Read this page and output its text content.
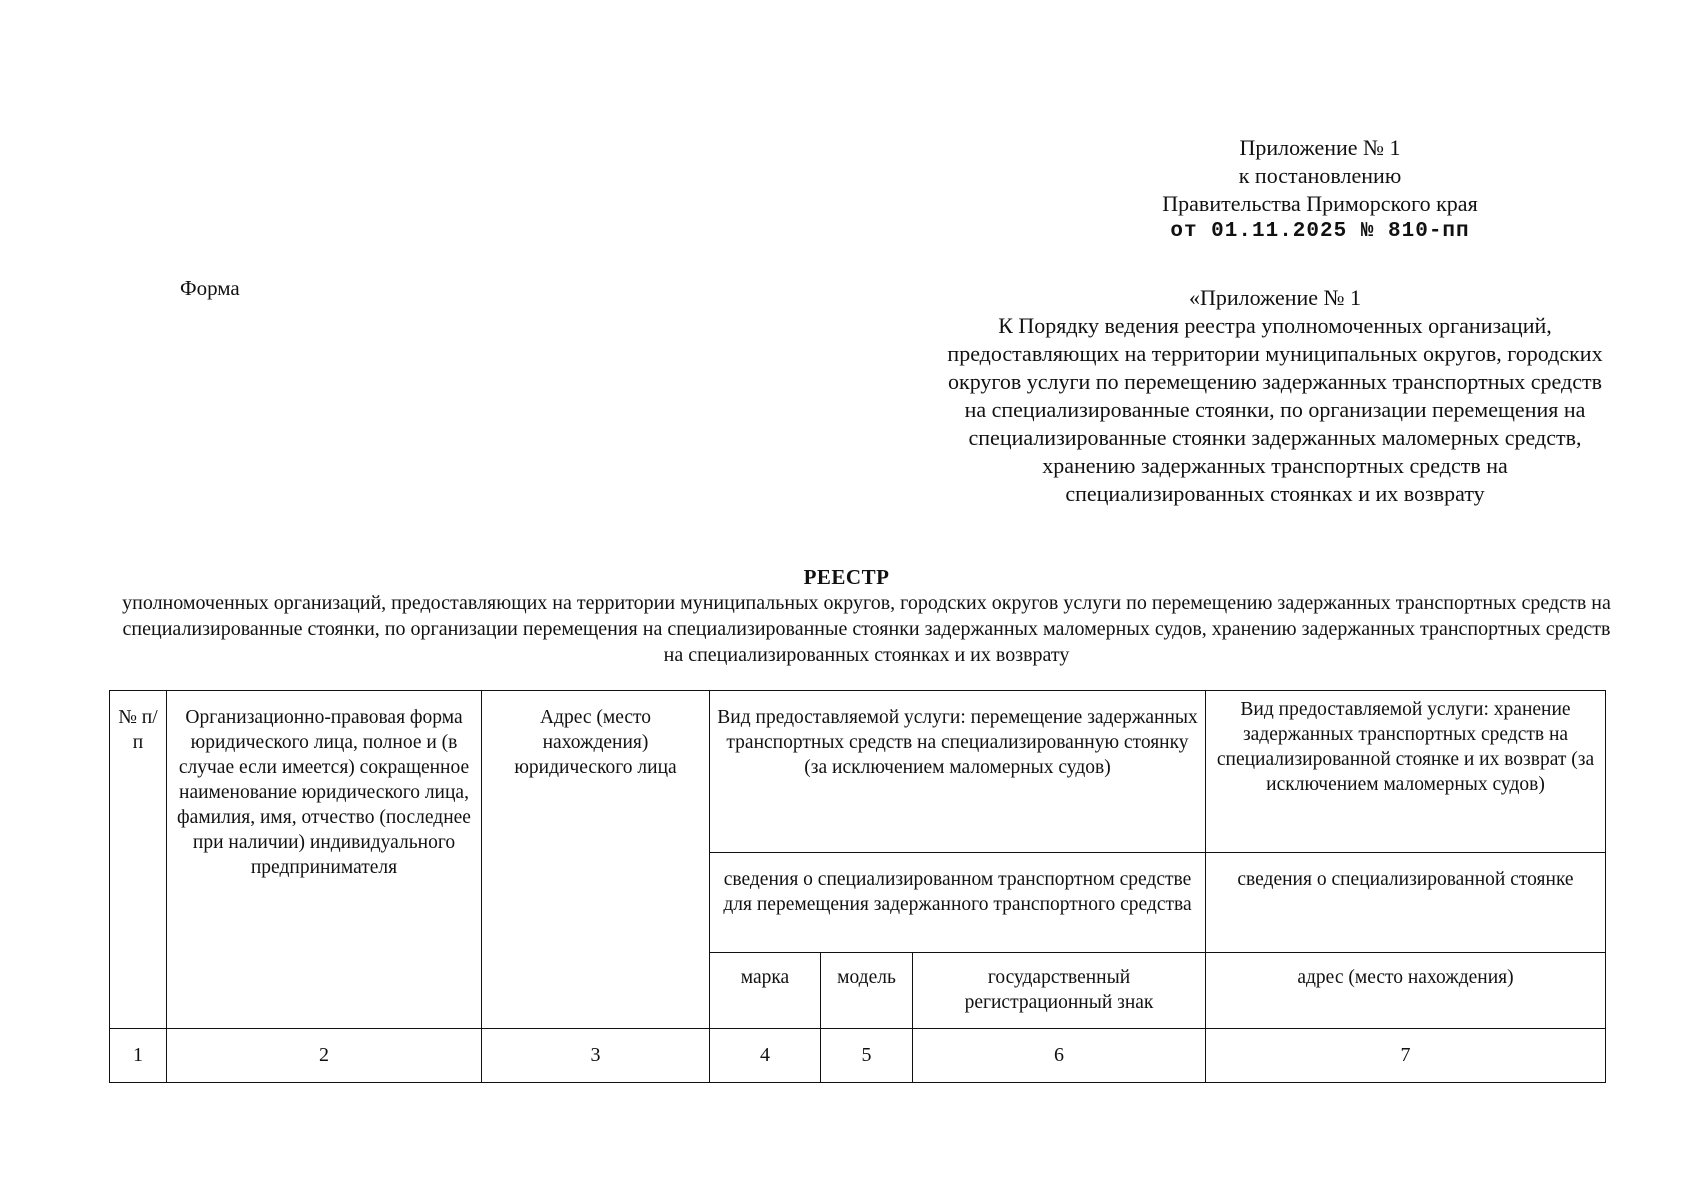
Приложение № 1
к постановлению
Правительства Приморского края
от 01.11.2025 № 810-пп
Форма	«Приложение № 1
К Порядку ведения реестра уполномоченных организаций, предоставляющих на территории муниципальных округов, городских округов услуги по перемещению задержанных транспортных средств на специализированные стоянки, по организации перемещения на специализированные стоянки задержанных маломерных средств, хранению задержанных транспортных средств на специализированных стоянках и их возврату
РЕЕСТР
уполномоченных организаций, предоставляющих на территории муниципальных округов, городских округов услуги по перемещению задержанных транспортных средств на специализированные стоянки, по организации перемещения на специализированные стоянки задержанных маломерных судов, хранению задержанных транспортных средств на специализированных стоянках и их возврату
№ п/п	Организационно-правовая форма юридического лица, полное и (в случае если имеется) сокращенное наименование юридического лица, фамилия, имя, отчество (последнее при наличии) индивидуального предпринимателя	Адрес (место нахождения) юридического лица	Вид предоставляемой услуги: перемещение задержанных транспортных средств на специализированную стоянку (за исключением маломерных судов)			Вид предоставляемой услуги: хранение задержанных транспортных средств на специализированной стоянке и их возврат (за исключением маломерных судов)
			сведения о специализированном транспортном средстве для перемещения задержанного транспортного средства			сведения о специализированной стоянке
			марка	модель	государственный регистрационный знак	адрес (место нахождения)
1	2	3	4	5	6	7
